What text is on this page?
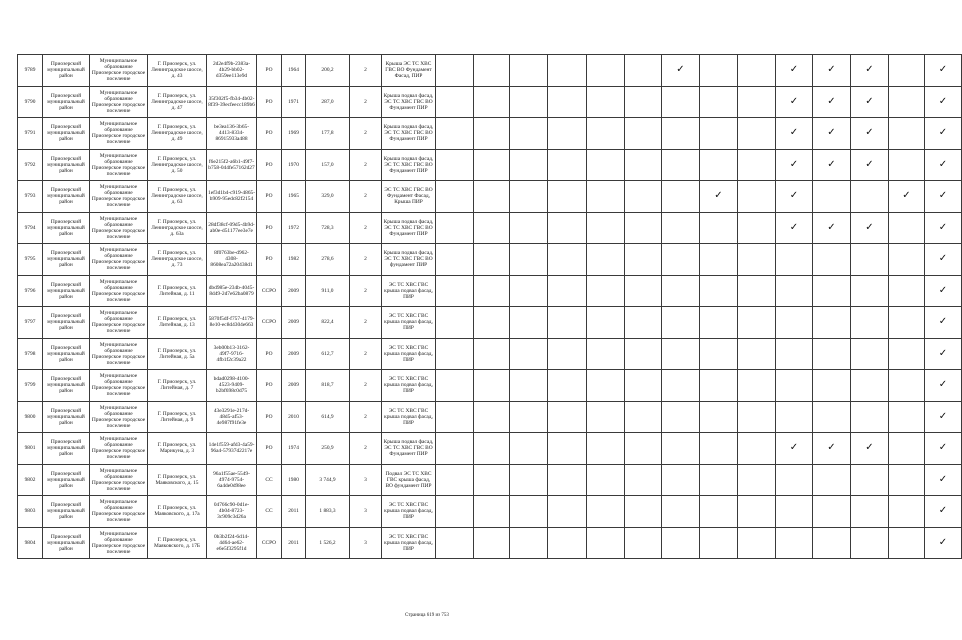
9789	Приозерский муниципальный район	Муниципальное образование Приозерское городское поселение	Г. Приозерск, ул. Ленинградское шоссе, д. 43	2d2e4f9b-2383a-4b29-bb02-d359ee113e9d	РО	1964	200,2	2	Крыша ЭС ТС ХВС ГВС ВО Фундамент Фасад, ПИР							✓			✓	✓	✓		✓
9790	Приозерский муниципальный район	Муниципальное образование Приозерское городское поселение	Г. Приозерск, ул. Ленинградское шоссе, д. 47	35f302f5-fb34-4b02-8f39-39ecfeecc189b6	РО	1971	287,0	2	Крыша подвал фасад, ЭС ТС ХВС ГВС ВО Фундамент ПИР										✓	✓	✓		✓
9791	Приозерский муниципальный район	Муниципальное образование Приозерское городское поселение	Г. Приозерск, ул. Ленинградское шоссе, д. 49	be3ea136-3b65-4413-8334-86915933a488	РО	1969	177,8	2	Крыша подвал фасад, ЭС ТС ХВС ГВС ВО Фундамент ПИР										✓	✓	✓		✓
9792	Приозерский муниципальный район	Муниципальное образование Приозерское городское поселение	Г. Приозерск, ул. Ленинградское шоссе, д. 50	f6e215f2-a6b1-49f7-b758-044fe57162d27	РО	1970	157,0	2	Крыша подвал фасад, ЭС ТС ХВС ГВС ВО Фундамент ПИР										✓	✓	✓		✓
9793	Приозерский муниципальный район	Муниципальное образование Приозерское городское поселение	Г. Приозерск, ул. Ленинградское шоссе, д. 63	1ef3d1b4-c919-4865-b909-95edc82f2154	РО	1965	329,0	2	ЭС ТС ХВС ГВС ВО Фундамент Фасад, Крыша ПИР								✓		✓			✓	✓
9794	Приозерский муниципальный район	Муниципальное образование Приозерское городское поселение	Г. Приозерск, ул. Ленинградское шоссе, д. 63а	28df38cf-09d5-4b9d-ab0e-d51177ee3e7e	РО	1972	728,3	2	Крыша подвал фасад, ЭС ТС ХВС ГВС ВО Фундамент ПИР										✓	✓	✓		✓
9795	Приозерский муниципальный район	Муниципальное образование Приозерское городское поселение	Г. Приозерск, ул. Ленинградское шоссе, д. 73	8f0763be-d962-4308-8608ea72a20438d1	РО	1982	278,6	2	Крыша подвал фасад, ЭС ТС ХВС ГВС ВО фундамент ПИР														✓
9796	Приозерский муниципальный район	Муниципальное образование Приозерское городское поселение	Г. Приозерск, ул. Литейная, д. 11	dbd985e-234b-4045-8d49-2d7e62ba0879	ССРО	2009	911,0	2	ЭС ТС ХВС ГВС крыша подвал фасад, ПИР														✓
9797	Приозерский муниципальный район	Муниципальное образование Приозерское городское поселение	Г. Приозерск, ул. Литейная, д. 13	5870f5df-f757-4179-8e10-ec8d4304e663	ССРО	2009	822,4	2	ЭС ТС ХВС ГВС крыша подвал фасад, ПИР														✓
9798	Приозерский муниципальный район	Муниципальное образование Приозерское городское поселение	Г. Приозерск, ул. Литейная, д. 5а	3eb00b13-3162-49f7-9716-4fb1f2c39a22	РО	2009	612,7	2	ЭС ТС ХВС ГВС крыша подвал фасад, ПИР														✓
9799	Приозерский муниципальный район	Муниципальное образование Приозерское городское поселение	Г. Приозерск, ул. Литейная, д. 7	bdad0298-4100-4523-9409-b2bf698c0d75	РО	2009	818,7	2	ЭС ТС ХВС ГВС крыша подвал фасад, ПИР														✓
9800	Приозерский муниципальный район	Муниципальное образование Приозерское городское поселение	Г. Приозерск, ул. Литейная, д. 9	43e3291e-217d-48d5-af53-4e987f91fe3e	РО	2010	614,9	2	ЭС ТС ХВС ГВС крыша подвал фасад, ПИР														✓
9801	Приозерский муниципальный район	Муниципальное образование Приозерское городское поселение	Г. Приозерск, ул. Марикуна, д. 3	14e1f559-afd3-4a59-96a4-57937d2217e	РО	1974	250,9	2	Крыша подвал фасад, ЭС ТС ХВС ГВС ВО Фундамент ПИР										✓	✓	✓		✓
9802	Приозерский муниципальный район	Муниципальное образование Приозерское городское поселение	Г. Приозерск, ул. Маяковского, д. 15	96a1f55ae-5549-4974-9754-6a4de0d98ee	СС	1980	3 744,9	3	Подвал ЭС ТС ХВС ГВС крыша фасад, ВО фундамент ПИР														✓
9803	Приозерский муниципальный район	Муниципальное образование Приозерское городское поселение	Г. Приозерск, ул. Маяковского, д. 17а	04766c90-0d1e-4b04-8723-3c909c3d26a	СС	2011	1 883,3	3	ЭС ТС ХВС ГВС крыша подвал фасад, ПИР														✓
9804	Приозерский муниципальный район	Муниципальное образование Приозерское городское поселение	Г. Приозерск, ул. Маяковского, д. 17Б	0b3b2f24-6d14-4d64-ae62-e6e5f3295f1d	ССРО	2011	1 526,2	3	ЭС ТС ХВС ГВС крыша подвал фасад, ПИР														✓
Страница 619 из 753
